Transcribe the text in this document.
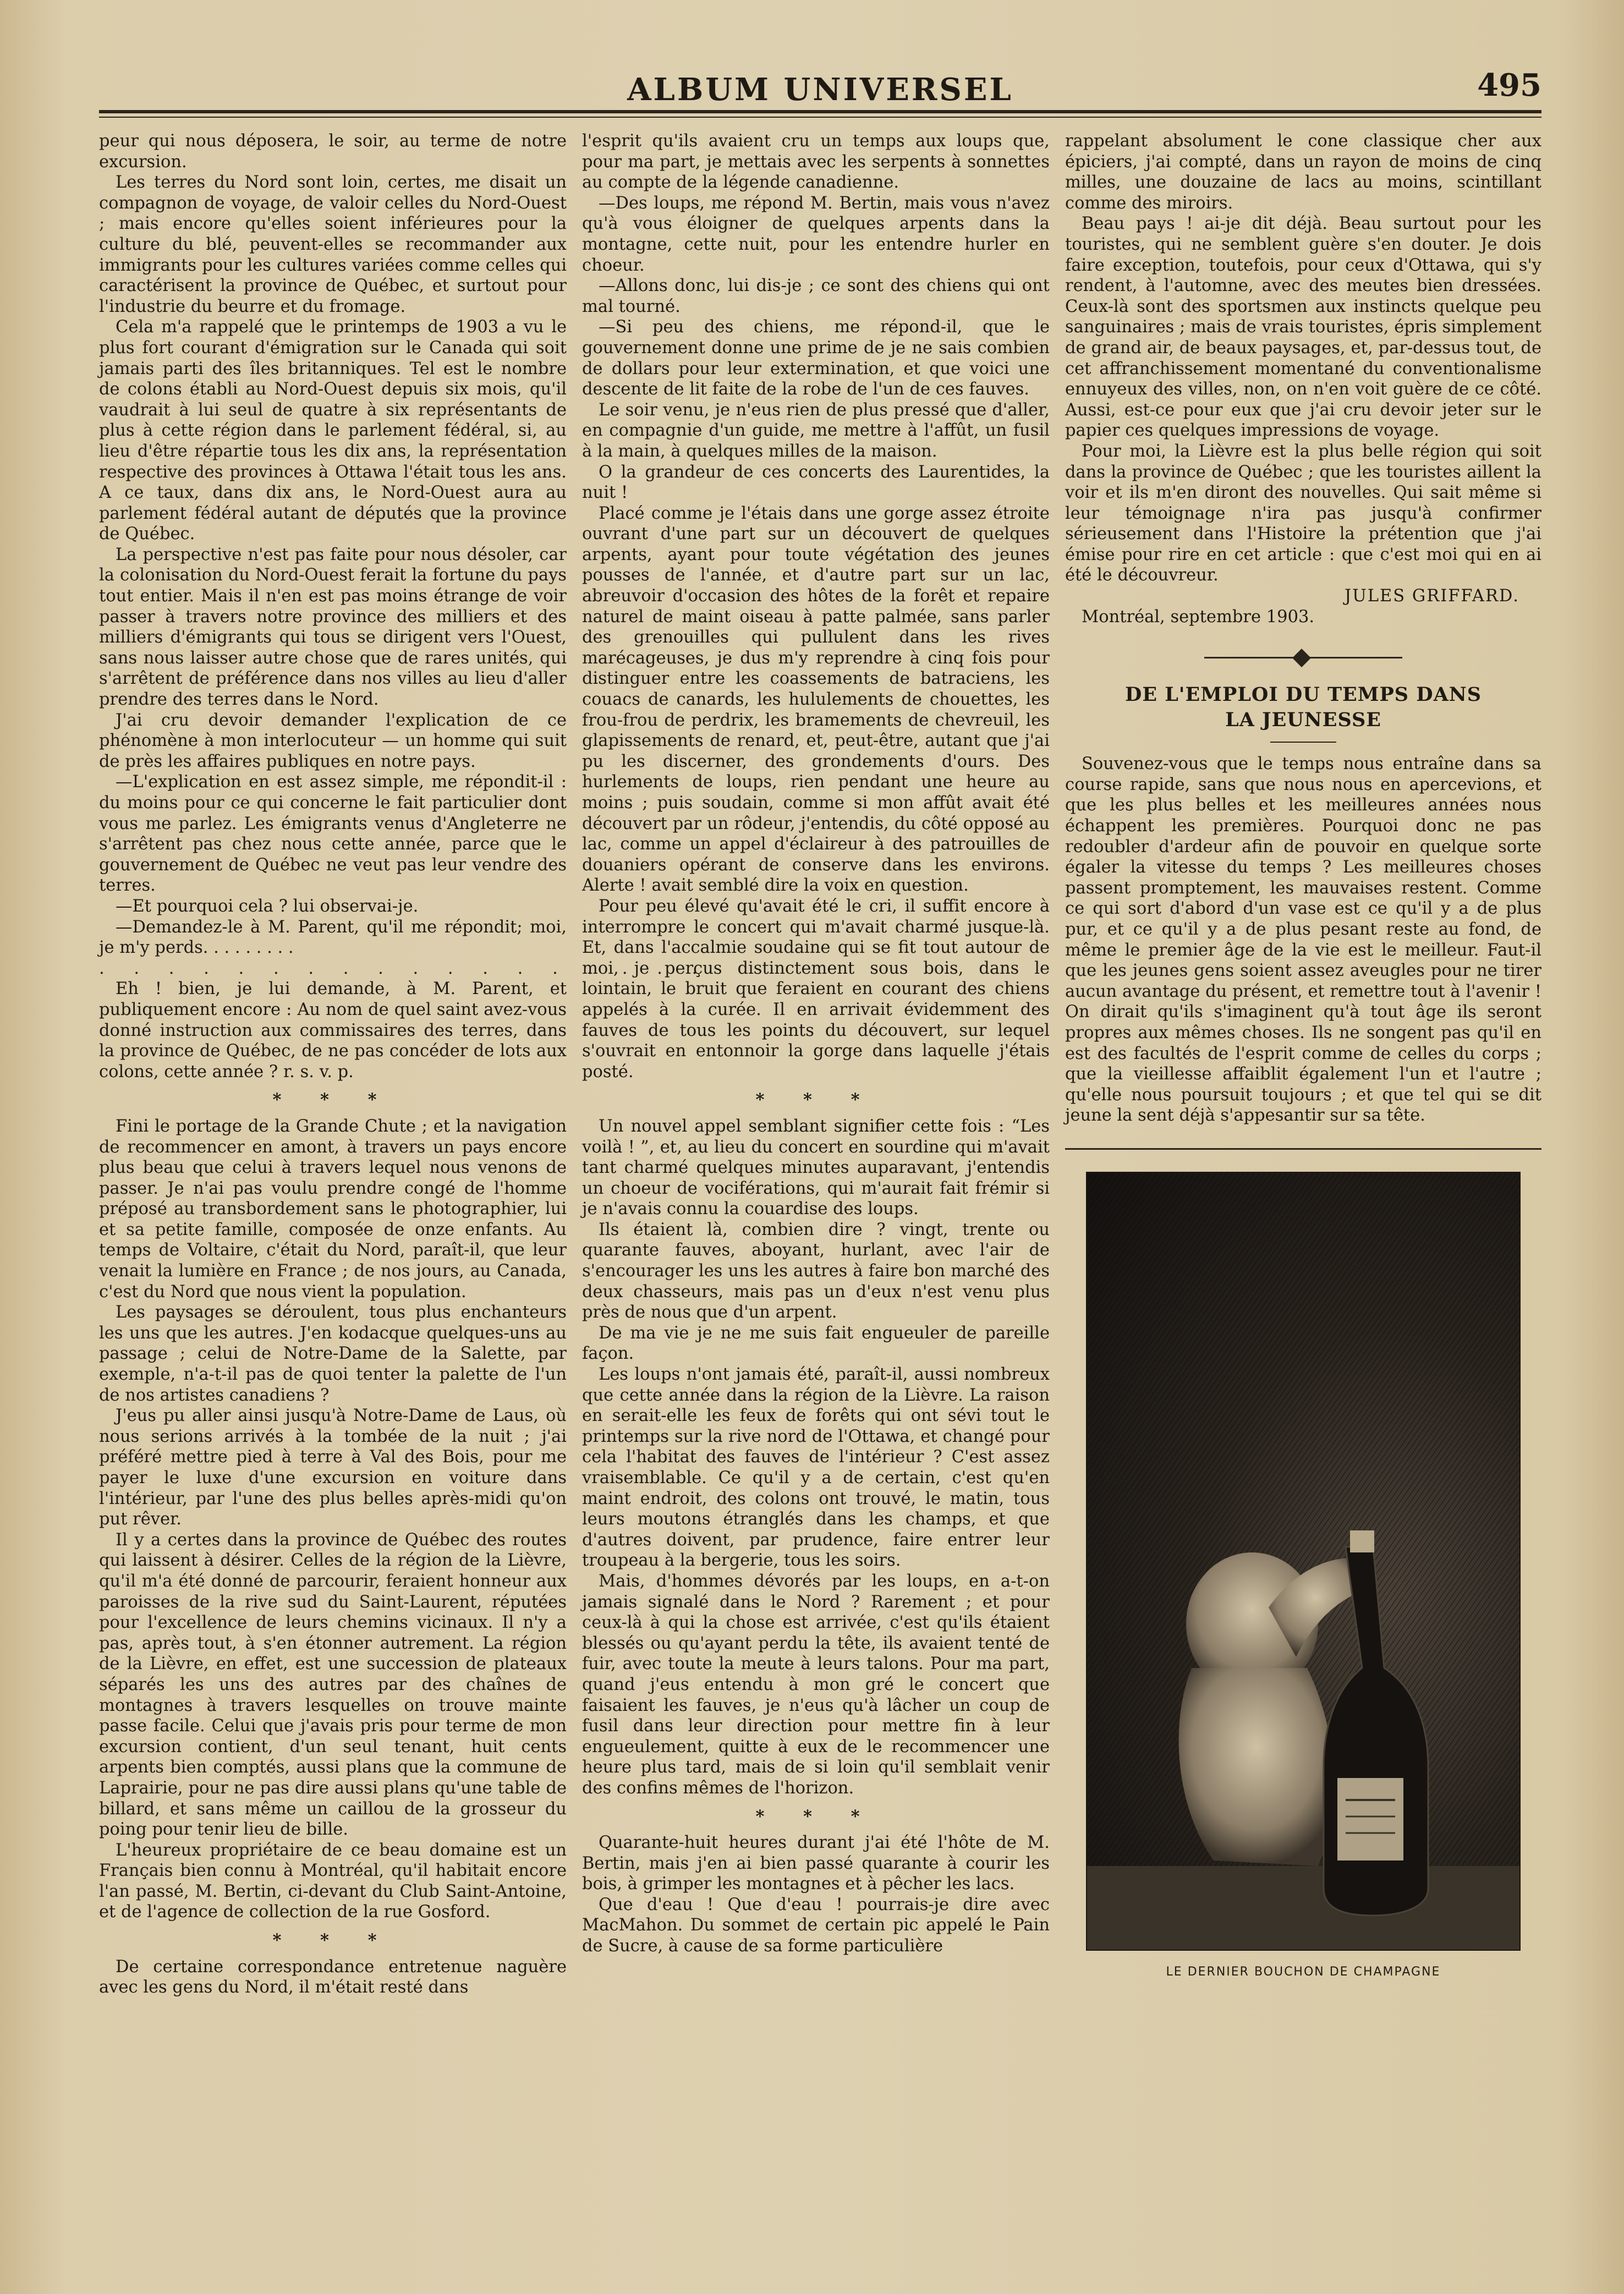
ALBUM UNIVERSEL	495

peur qui nous déposera, le soir, au terme de notre excursion.

Les terres du Nord sont loin, certes, me disait un compagnon de voyage, de valoir celles du Nord-Ouest ; mais encore qu'elles soient inférieures pour la culture du blé, peuvent-elles se recommander aux immigrants pour les cultures variées comme celles qui caractérisent la province de Québec, et surtout pour l'industrie du beurre et du fromage.

Cela m'a rappelé que le printemps de 1903 a vu le plus fort courant d'émigration sur le Canada qui soit jamais parti des îles britanniques. Tel est le nombre de colons établi au Nord-Ouest depuis six mois, qu'il vaudrait à lui seul de quatre à six représentants de plus à cette région dans le parlement fédéral, si, au lieu d'être répartie tous les dix ans, la représentation respective des provinces à Ottawa l'était tous les ans. A ce taux, dans dix ans, le Nord-Ouest aura au parlement fédéral autant de députés que la province de Québec.

La perspective n'est pas faite pour nous désoler, car la colonisation du Nord-Ouest ferait la fortune du pays tout entier. Mais il n'en est pas moins étrange de voir passer à travers notre province des milliers et des milliers d'émigrants qui tous se dirigent vers l'Ouest, sans nous laisser autre chose que de rares unités, qui s'arrêtent de préférence dans nos villes au lieu d'aller prendre des terres dans le Nord.

J'ai cru devoir demander l'explication de ce phénomène à mon interlocuteur — un homme qui suit de près les affaires publiques en notre pays.

—L'explication en est assez simple, me répondit-il : du moins pour ce qui concerne le fait particulier dont vous me parlez. Les émigrants venus d'Angleterre ne s'arrêtent pas chez nous cette année, parce que le gouvernement de Québec ne veut pas leur vendre des terres.

—Et pourquoi cela ? lui observai-je.

—Demandez-le à M. Parent, qu'il me répondit; moi, je m'y perds. . . . . . . . .

. . . . . . . . . . . . . . . . . .

Eh ! bien, je lui demande, à M. Parent, et publiquement encore : Au nom de quel saint avez-vous donné instruction aux commissaires des terres, dans la province de Québec, de ne pas concéder de lots aux colons, cette année ? r. s. v. p.

* * *

Fini le portage de la Grande Chute ; et la navigation de recommencer en amont, à travers un pays encore plus beau que celui à travers lequel nous venons de passer. Je n'ai pas voulu prendre congé de l'homme préposé au transbordement sans le photographier, lui et sa petite famille, composée de onze enfants. Au temps de Voltaire, c'était du Nord, paraît-il, que leur venait la lumière en France ; de nos jours, au Canada, c'est du Nord que nous vient la population.

Les paysages se déroulent, tous plus enchanteurs les uns que les autres. J'en kodacque quelques-uns au passage ; celui de Notre-Dame de la Salette, par exemple, n'a-t-il pas de quoi tenter la palette de l'un de nos artistes canadiens ?

J'eus pu aller ainsi jusqu'à Notre-Dame de Laus, où nous serions arrivés à la tombée de la nuit ; j'ai préféré mettre pied à terre à Val des Bois, pour me payer le luxe d'une excursion en voiture dans l'intérieur, par l'une des plus belles après-midi qu'on put rêver.

Il y a certes dans la province de Québec des routes qui laissent à désirer. Celles de la région de la Lièvre, qu'il m'a été donné de parcourir, feraient honneur aux paroisses de la rive sud du Saint-Laurent, réputées pour l'excellence de leurs chemins vicinaux. Il n'y a pas, après tout, à s'en étonner autrement. La région de la Lièvre, en effet, est une succession de plateaux séparés les uns des autres par des chaînes de montagnes à travers lesquelles on trouve mainte passe facile. Celui que j'avais pris pour terme de mon excursion contient, d'un seul tenant, huit cents arpents bien comptés, aussi plans que la commune de Laprairie, pour ne pas dire aussi plans qu'une table de billard, et sans même un caillou de la grosseur du poing pour tenir lieu de bille.

L'heureux propriétaire de ce beau domaine est un Français bien connu à Montréal, qu'il habitait encore l'an passé, M. Bertin, ci-devant du Club Saint-Antoine, et de l'agence de collection de la rue Gosford.

* * *

De certaine correspondance entretenue naguère avec les gens du Nord, il m'était resté dans

l'esprit qu'ils avaient cru un temps aux loups que, pour ma part, je mettais avec les serpents à sonnettes au compte de la légende canadienne.

—Des loups, me répond M. Bertin, mais vous n'avez qu'à vous éloigner de quelques arpents dans la montagne, cette nuit, pour les entendre hurler en choeur.

—Allons donc, lui dis-je ; ce sont des chiens qui ont mal tourné.

—Si peu des chiens, me répond-il, que le gouvernement donne une prime de je ne sais combien de dollars pour leur extermination, et que voici une descente de lit faite de la robe de l'un de ces fauves.

Le soir venu, je n'eus rien de plus pressé que d'aller, en compagnie d'un guide, me mettre à l'affût, un fusil à la main, à quelques milles de la maison.

O la grandeur de ces concerts des Laurentides, la nuit !

Placé comme je l'étais dans une gorge assez étroite ouvrant d'une part sur un découvert de quelques arpents, ayant pour toute végétation des jeunes pousses de l'année, et d'autre part sur un lac, abreuvoir d'occasion des hôtes de la forêt et repaire naturel de maint oiseau à patte palmée, sans parler des grenouilles qui pullulent dans les rives marécageuses, je dus m'y reprendre à cinq fois pour distinguer entre les coassements de batraciens, les couacs de canards, les hululements de chouettes, les frou-frou de perdrix, les bramements de chevreuil, les glapissements de renard, et, peut-être, autant que j'ai pu les discerner, des grondements d'ours. Des hurlements de loups, rien pendant une heure au moins ; puis soudain, comme si mon affût avait été découvert par un rôdeur, j'entendis, du côté opposé au lac, comme un appel d'éclaireur à des patrouilles de douaniers opérant de conserve dans les environs. Alerte ! avait semblé dire la voix en question.

Pour peu élevé qu'avait été le cri, il suffit encore à interrompre le concert qui m'avait charmé jusque-là. Et, dans l'accalmie soudaine qui se fit tout autour de moi, je perçus distinctement sous bois, dans le lointain, le bruit que feraient en courant des chiens appelés à la curée. Il en arrivait évidemment des fauves de tous les points du découvert, sur lequel s'ouvrait en entonnoir la gorge dans laquelle j'étais posté.

* * *

Un nouvel appel semblant signifier cette fois : “Les voilà ! ”, et, au lieu du concert en sourdine qui m'avait tant charmé quelques minutes auparavant, j'entendis un choeur de vociférations, qui m'aurait fait frémir si je n'avais connu la couardise des loups.

Ils étaient là, combien dire ? vingt, trente ou quarante fauves, aboyant, hurlant, avec l'air de s'encourager les uns les autres à faire bon marché des deux chasseurs, mais pas un d'eux n'est venu plus près de nous que d'un arpent.

De ma vie je ne me suis fait engueuler de pareille façon.

Les loups n'ont jamais été, paraît-il, aussi nombreux que cette année dans la région de la Lièvre. La raison en serait-elle les feux de forêts qui ont sévi tout le printemps sur la rive nord de l'Ottawa, et changé pour cela l'habitat des fauves de l'intérieur ? C'est assez vraisemblable. Ce qu'il y a de certain, c'est qu'en maint endroit, des colons ont trouvé, le matin, tous leurs moutons étranglés dans les champs, et que d'autres doivent, par prudence, faire entrer leur troupeau à la bergerie, tous les soirs.

Mais, d'hommes dévorés par les loups, en a-t-on jamais signalé dans le Nord ? Rarement ; et pour ceux-là à qui la chose est arrivée, c'est qu'ils étaient blessés ou qu'ayant perdu la tête, ils avaient tenté de fuir, avec toute la meute à leurs talons. Pour ma part, quand j'eus entendu à mon gré le concert que faisaient les fauves, je n'eus qu'à lâcher un coup de fusil dans leur direction pour mettre fin à leur engueulement, quitte à eux de le recommencer une heure plus tard, mais de si loin qu'il semblait venir des confins mêmes de l'horizon.

* * *

Quarante-huit heures durant j'ai été l'hôte de M. Bertin, mais j'en ai bien passé quarante à courir les bois, à grimper les montagnes et à pêcher les lacs.

Que d'eau ! Que d'eau ! pourrais-je dire avec MacMahon. Du sommet de certain pic appelé le Pain de Sucre, à cause de sa forme particulière

rappelant absolument le cone classique cher aux épiciers, j'ai compté, dans un rayon de moins de cinq milles, une douzaine de lacs au moins, scintillant comme des miroirs.

Beau pays ! ai-je dit déjà. Beau surtout pour les touristes, qui ne semblent guère s'en douter. Je dois faire exception, toutefois, pour ceux d'Ottawa, qui s'y rendent, à l'automne, avec des meutes bien dressées. Ceux-là sont des sportsmen aux instincts quelque peu sanguinaires ; mais de vrais touristes, épris simplement de grand air, de beaux paysages, et, par-dessus tout, de cet affranchissement momentané du conventionalisme ennuyeux des villes, non, on n'en voit guère de ce côté. Aussi, est-ce pour eux que j'ai cru devoir jeter sur le papier ces quelques impressions de voyage.

Pour moi, la Lièvre est la plus belle région qui soit dans la province de Québec ; que les touristes aillent la voir et ils m'en diront des nouvelles. Qui sait même si leur témoignage n'ira pas jusqu'à confirmer sérieusement dans l'Histoire la prétention que j'ai émise pour rire en cet article : que c'est moi qui en ai été le découvreur.

JULES GRIFFARD.

Montréal, septembre 1903.

DE L'EMPLOI DU TEMPS DANS
LA JEUNESSE

Souvenez-vous que le temps nous entraîne dans sa course rapide, sans que nous nous en apercevions, et que les plus belles et les meilleures années nous échappent les premières. Pourquoi donc ne pas redoubler d'ardeur afin de pouvoir en quelque sorte égaler la vitesse du temps ? Les meilleures choses passent promptement, les mauvaises restent. Comme ce qui sort d'abord d'un vase est ce qu'il y a de plus pur, et ce qu'il y a de plus pesant reste au fond, de même le premier âge de la vie est le meilleur. Faut-il que les jeunes gens soient assez aveugles pour ne tirer aucun avantage du présent, et remettre tout à l'avenir ! On dirait qu'ils s'imaginent qu'à tout âge ils seront propres aux mêmes choses. Ils ne songent pas qu'il en est des facultés de l'esprit comme de celles du corps ; que la vieillesse affaiblit également l'un et l'autre ; qu'elle nous poursuit toujours ; et que tel qui se dit jeune la sent déjà s'appesantir sur sa tête.

LE DERNIER BOUCHON DE CHAMPAGNE
